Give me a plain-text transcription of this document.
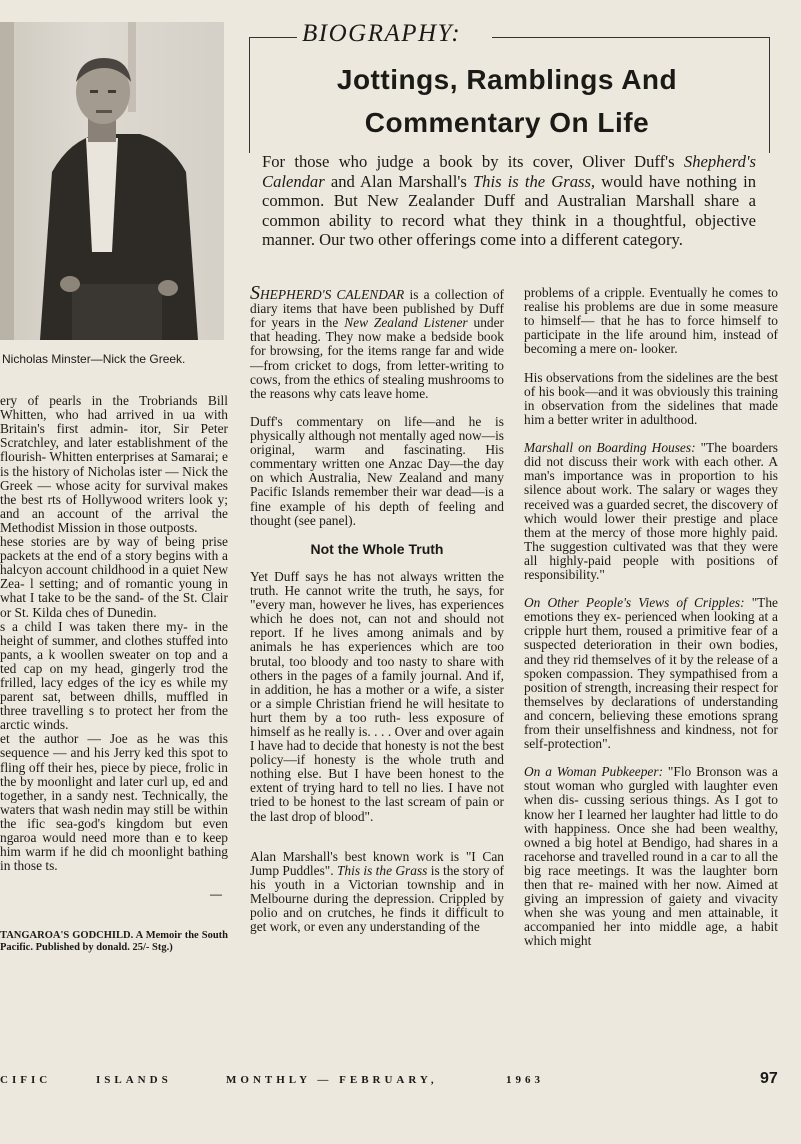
Nicholas Minster—Nick the Greek.

ery of pearls in the Trobriands Bill Whitten, who had arrived in ua with Britain's first admin- itor, Sir Peter Scratchley, and later establishment of the flourish- Whitten enterprises at Samarai; e is the history of Nicholas ister — Nick the Greek — whose acity for survival makes the best rts of Hollywood writers look y; and an account of the arrival the Methodist Mission in those outposts.
hese stories are by way of being prise packets at the end of a story begins with a halcyon account childhood in a quiet New Zea- l setting; and of romantic young in what I take to be the sand- of the St. Clair or St. Kilda ches of Dunedin.
s a child I was taken there my- in the height of summer, and clothes stuffed into pants, a k woollen sweater on top and a ted cap on my head, gingerly trod the frilled, lacy edges of the icy es while my parent sat, between dhills, muffled in three travelling s to protect her from the arctic winds.
et the author — Joe as he was this sequence — and his Jerry ked this spot to fling off their hes, piece by piece, frolic in the by moonlight and later curl up, ed and together, in a sandy nest. Technically, the waters that wash nedin may still be within the ific sea-god's kingdom but even ngaroa would need more than e to keep him warm if he did ch moonlight bathing in those ts.

—

TANGAROA'S GODCHILD. A Memoir the South Pacific. Published by donald. 25/- Stg.)

BIOGRAPHY:
Jottings, Ramblings And
Commentary On Life
For those who judge a book by its cover, Oliver Duff's Shepherd's Calendar and Alan Marshall's This is the Grass, would have nothing in common. But New Zealander Duff and Australian Marshall share a common ability to record what they think in a thoughtful, objective manner. Our two other offerings come into a different category.

SHEPHERD'S CALENDAR is a collection of diary items that have been published by Duff for years in the New Zealand Listener under that heading. They now make a bedside book for browsing, for the items range far and wide—from cricket to dogs, from letter-writing to cows, from the ethics of stealing mushrooms to the reasons why cats leave home.

Duff's commentary on life—and he is physically although not mentally aged now—is original, warm and fascinating. His commentary written one Anzac Day—the day on which Australia, New Zealand and many Pacific Islands remember their war dead—is a fine example of his depth of feeling and thought (see panel).

Not the Whole Truth

Yet Duff says he has not always written the truth. He cannot write the truth, he says, for "every man, however he lives, has experiences which he does not, can not and should not report. If he lives among animals and by animals he has experiences which are too brutal, too bloody and too nasty to share with others in the pages of a family journal. And if, in addition, he has a mother or a wife, a sister or a simple Christian friend he will hesitate to hurt them by a too ruth- less exposure of himself as he really is. . . . Over and over again I have had to decide that honesty is not the best policy—if honesty is the whole truth and nothing else. But I have been honest to the extent of trying hard to tell no lies. I have not tried to be honest to the last scream of pain or the last drop of blood".

Alan Marshall's best known work is "I Can Jump Puddles". This is the Grass is the story of his youth in a Victorian township and in Melbourne during the depression. Crippled by polio and on crutches, he finds it difficult to get work, or even any understanding of the

problems of a cripple. Eventually he comes to realise his problems are due in some measure to himself— that he has to force himself to participate in the life around him, instead of becoming a mere on- looker.

His observations from the sidelines are the best of his book—and it was obviously this training in observation from the sidelines that made him a better writer in adulthood.

Marshall on Boarding Houses: "The boarders did not discuss their work with each other. A man's importance was in proportion to his silence about work. The salary or wages they received was a guarded secret, the discovery of which would lower their prestige and place them at the mercy of those more highly paid. The suggestion cultivated was that they were all highly-paid people with positions of responsibility."

On Other People's Views of Cripples: "The emotions they ex- perienced when looking at a cripple hurt them, roused a primitive fear of a suspected deterioration in their own bodies, and they rid themselves of it by the release of a spoken compassion. They sympathised from a position of strength, increasing their respect for themselves by declarations of understanding and concern, believing these emotions sprang from their unselfishness and kindness, not for self-protection".

On a Woman Pubkeeper: "Flo Bronson was a stout woman who gurgled with laughter even when dis- cussing serious things. As I got to know her I learned her laughter had little to do with happiness. Once she had been wealthy, owned a big hotel at Bendigo, had shares in a racehorse and travelled round in a car to all the big race meetings. It was the laughter born then that re- mained with her now. Aimed at giving an impression of gaiety and vivacity when she was young and men attainable, it accompanied her into middle age, a habit which might

CIFIC	ISLANDS	MONTHLY — FEBRUARY,	1963	97
